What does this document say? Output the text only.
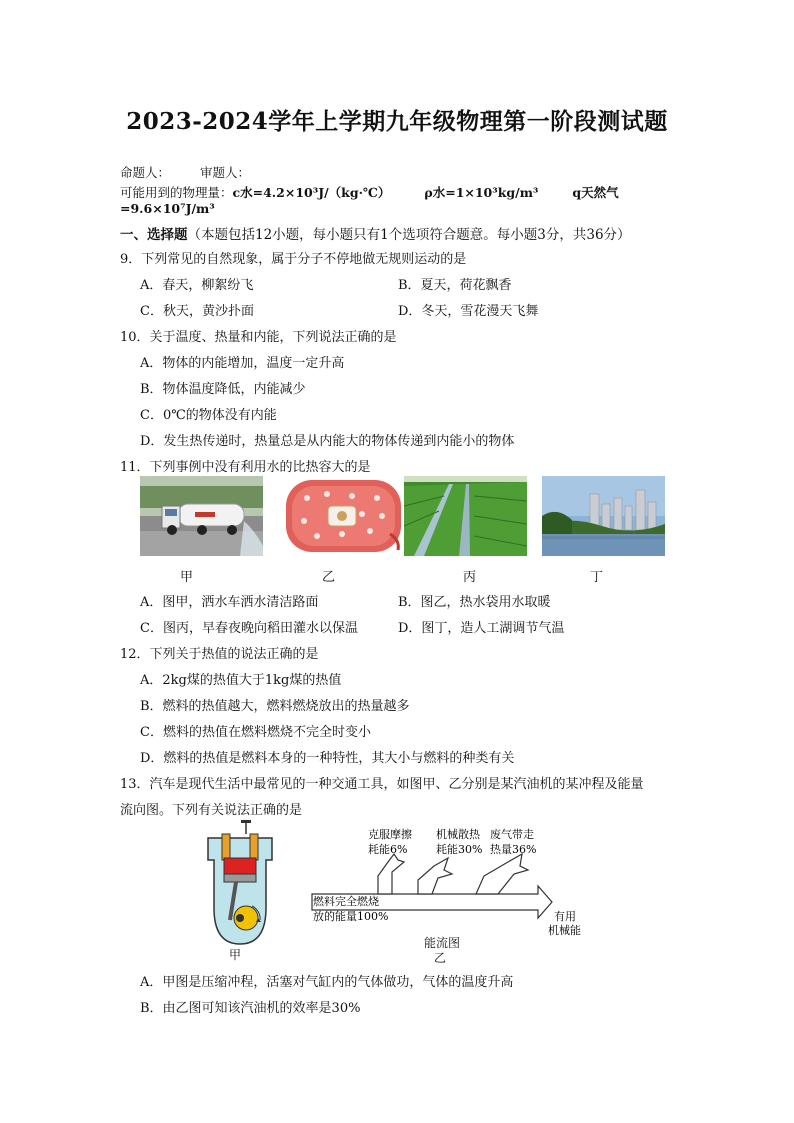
2023-2024学年上学期九年级物理第一阶段测试题
命题人： 审题人：
可能用到的物理量：c水=4.2×10³J/（kg·℃）	ρ水=1×10³kg/m³	q天然气=9.6×10⁷J/m³
一、选择题（本题包括12小题，每小题只有1个选项符合题意。每小题3分，共36分）
9．下列常见的自然现象，属于分子不停地做无规则运动的是
A．春天，柳絮纷飞	B．夏天，荷花飘香
C．秋天，黄沙扑面	D．冬天，雪花漫天飞舞
10．关于温度、热量和内能，下列说法正确的是
A．物体的内能增加，温度一定升高
B．物体温度降低，内能减少
C．0℃的物体没有内能
D．发生热传递时，热量总是从内能大的物体传递到内能小的物体
11．下列事例中没有利用水的比热容大的是
甲	乙	丙	丁
A．图甲，洒水车洒水清洁路面	B．图乙，热水袋用水取暖
C．图丙，早春夜晚向稻田灌水以保温	D．图丁，造人工湖调节气温
12．下列关于热值的说法正确的是
A．2kg煤的热值大于1kg煤的热值
B．燃料的热值越大，燃料燃烧放出的热量越多
C．燃料的热值在燃料燃烧不完全时变小
D．燃料的热值是燃料本身的一种特性，其大小与燃料的种类有关
13．汽车是现代生活中最常见的一种交通工具，如图甲、乙分别是某汽油机的某冲程及能量
流向图。下列有关说法正确的是
甲
克服摩擦
耗能6%
机械散热
耗能30%
废气带走
热量36%
燃料完全燃烧
放的能量100%	有用
机械能
能流图
乙
A．甲图是压缩冲程，活塞对气缸内的气体做功，气体的温度升高
B．由乙图可知该汽油机的效率是30%
